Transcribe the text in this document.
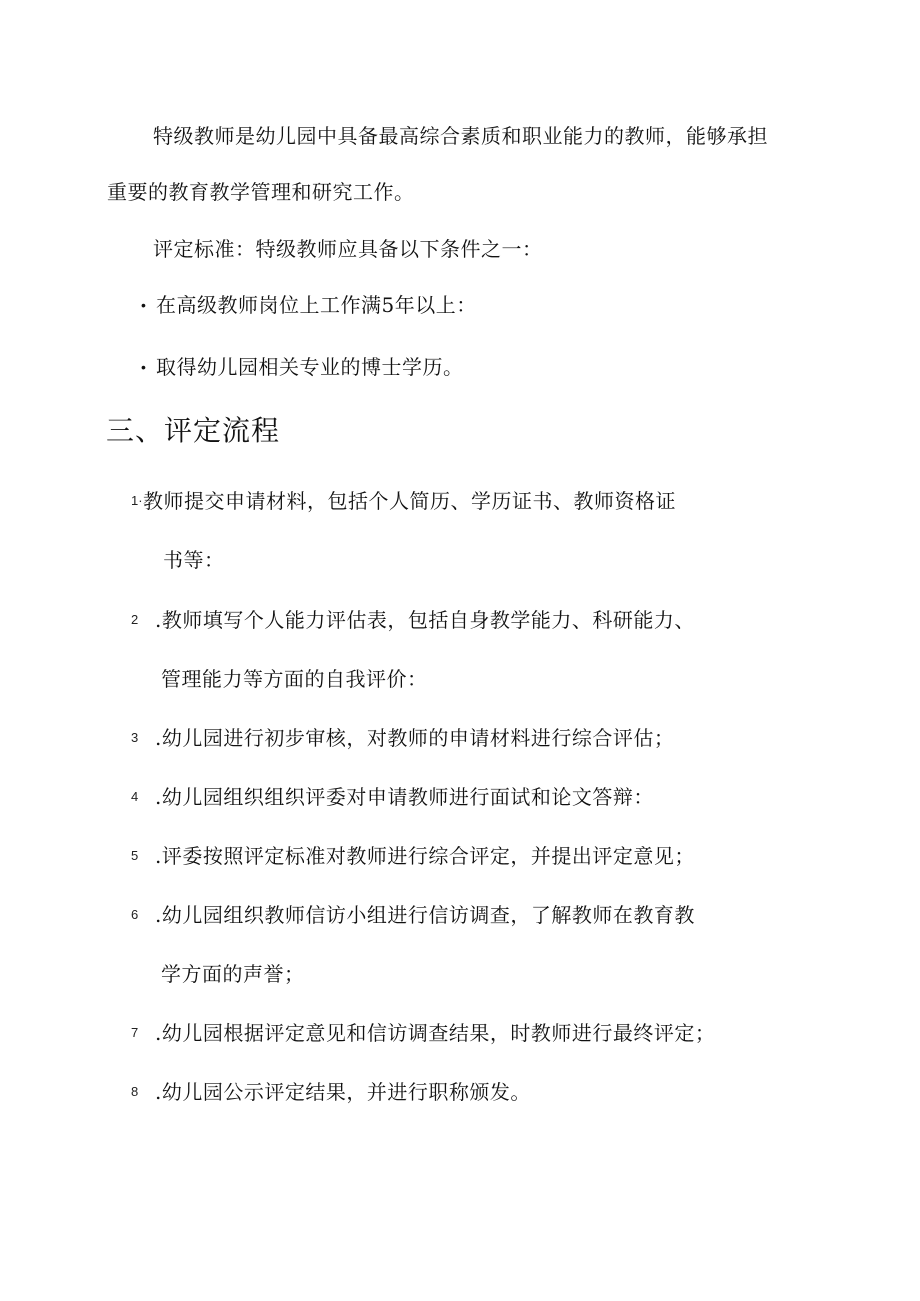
特级教师是幼儿园中具备最高综合素质和职业能力的教师，能够承担
重要的教育教学管理和研究工作。
评定标准：特级教师应具备以下条件之一：
• 在高级教师岗位上工作满5年以上：
• 取得幼儿园相关专业的博士学历。
三、评定流程
1· 教师提交申请材料，包括个人简历、学历证书、教师资格证
书等：
2 .教师填写个人能力评估表，包括自身教学能力、科研能力、
管理能力等方面的自我评价：
3 .幼儿园进行初步审核，对教师的申请材料进行综合评估；
4 .幼儿园组织组织评委对申请教师进行面试和论文答辩：
5 .评委按照评定标准对教师进行综合评定，并提出评定意见；
6 .幼儿园组织教师信访小组进行信访调查，了解教师在教育教
学方面的声誉；
7 .幼儿园根据评定意见和信访调查结果，时教师进行最终评定；
8 .幼儿园公示评定结果，并进行职称颁发。
